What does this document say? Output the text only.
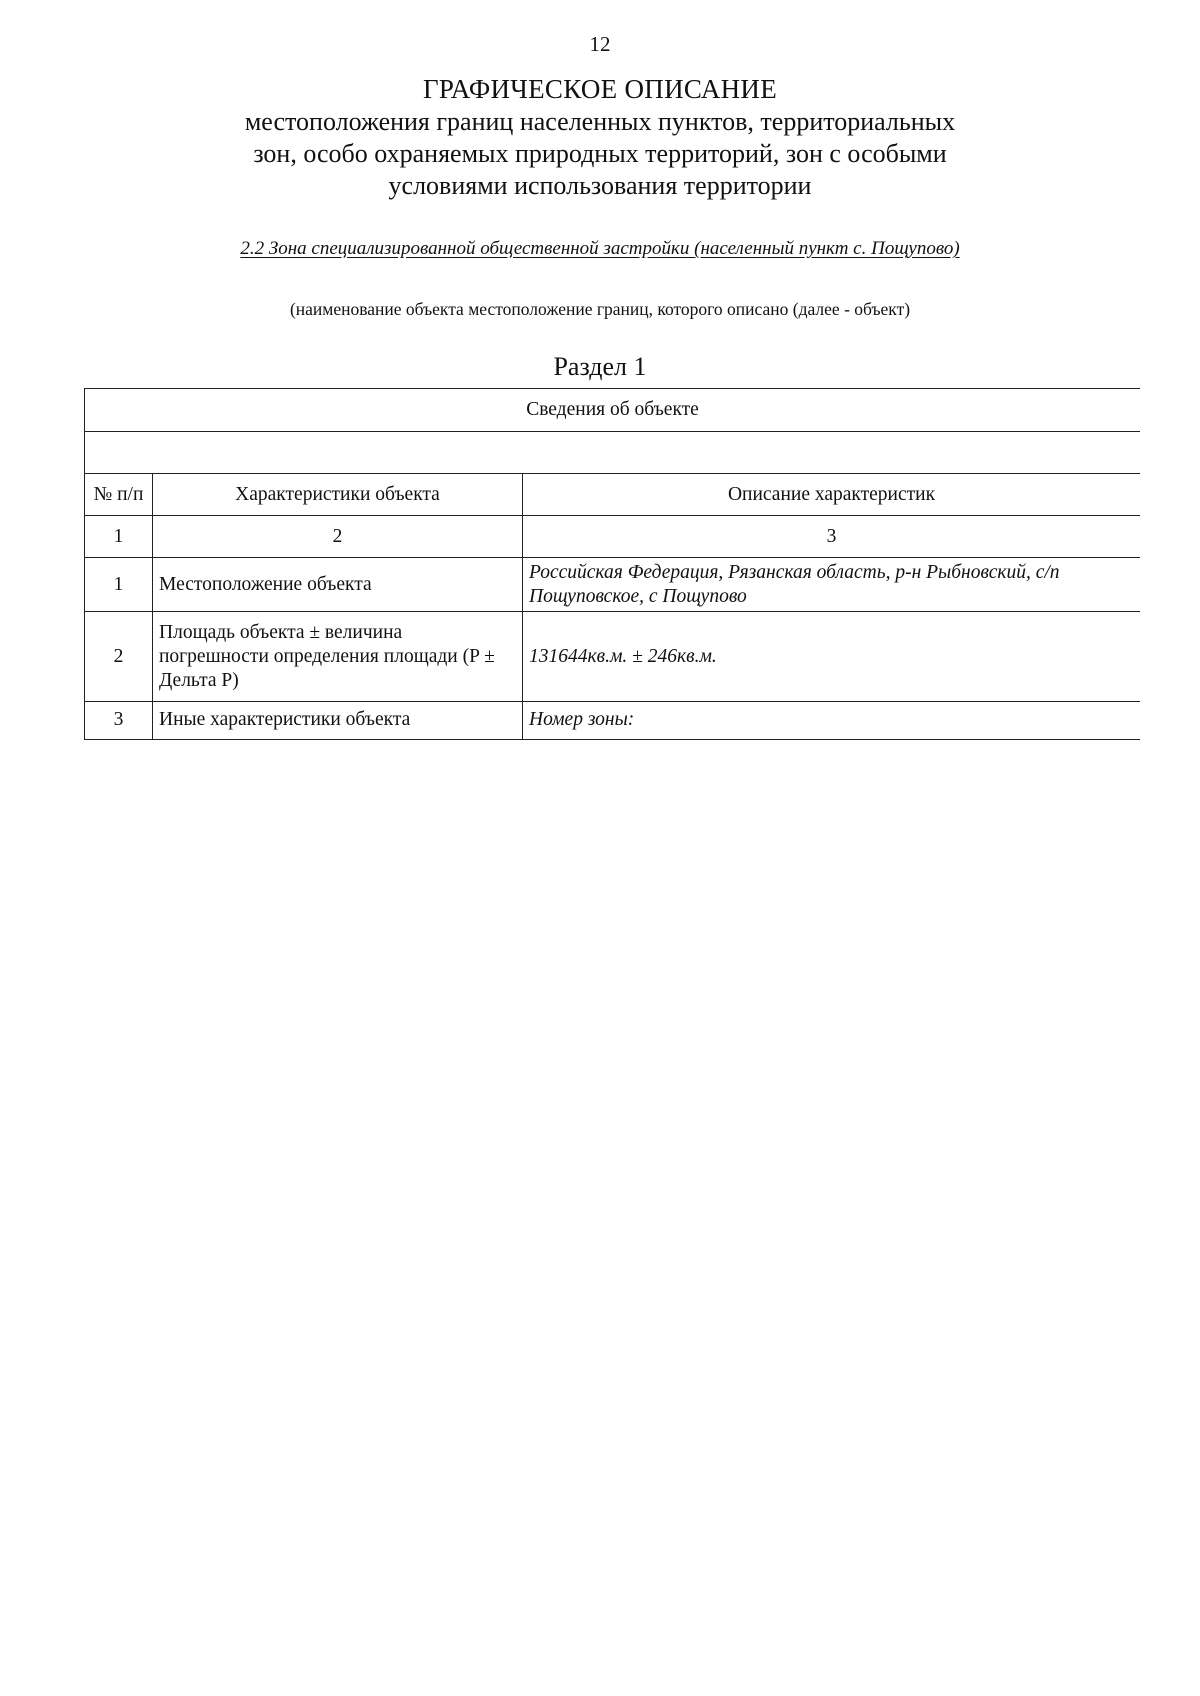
12
ГРАФИЧЕСКОЕ ОПИСАНИЕ
местоположения границ населенных пунктов, территориальных
зон, особо охраняемых природных территорий, зон с особыми
условиями использования территории
2.2 Зона специализированной общественной застройки (населенный пункт с. Пощупово)
(наименование объекта местоположение границ, которого описано (далее - объект)
Раздел 1
Сведения об объекте		

№ п/п	Характеристики объекта	Описание характеристик
1	2	3
1	Местоположение объекта	Российская Федерация, Рязанская область, р-н Рыбновский, с/п Пощуповское, с Пощупово
2	Площадь объекта ± величина погрешности определения площади (P ± Дельта P)	131644кв.м. ± 246кв.м.
3	Иные характеристики объекта	Номер зоны:
